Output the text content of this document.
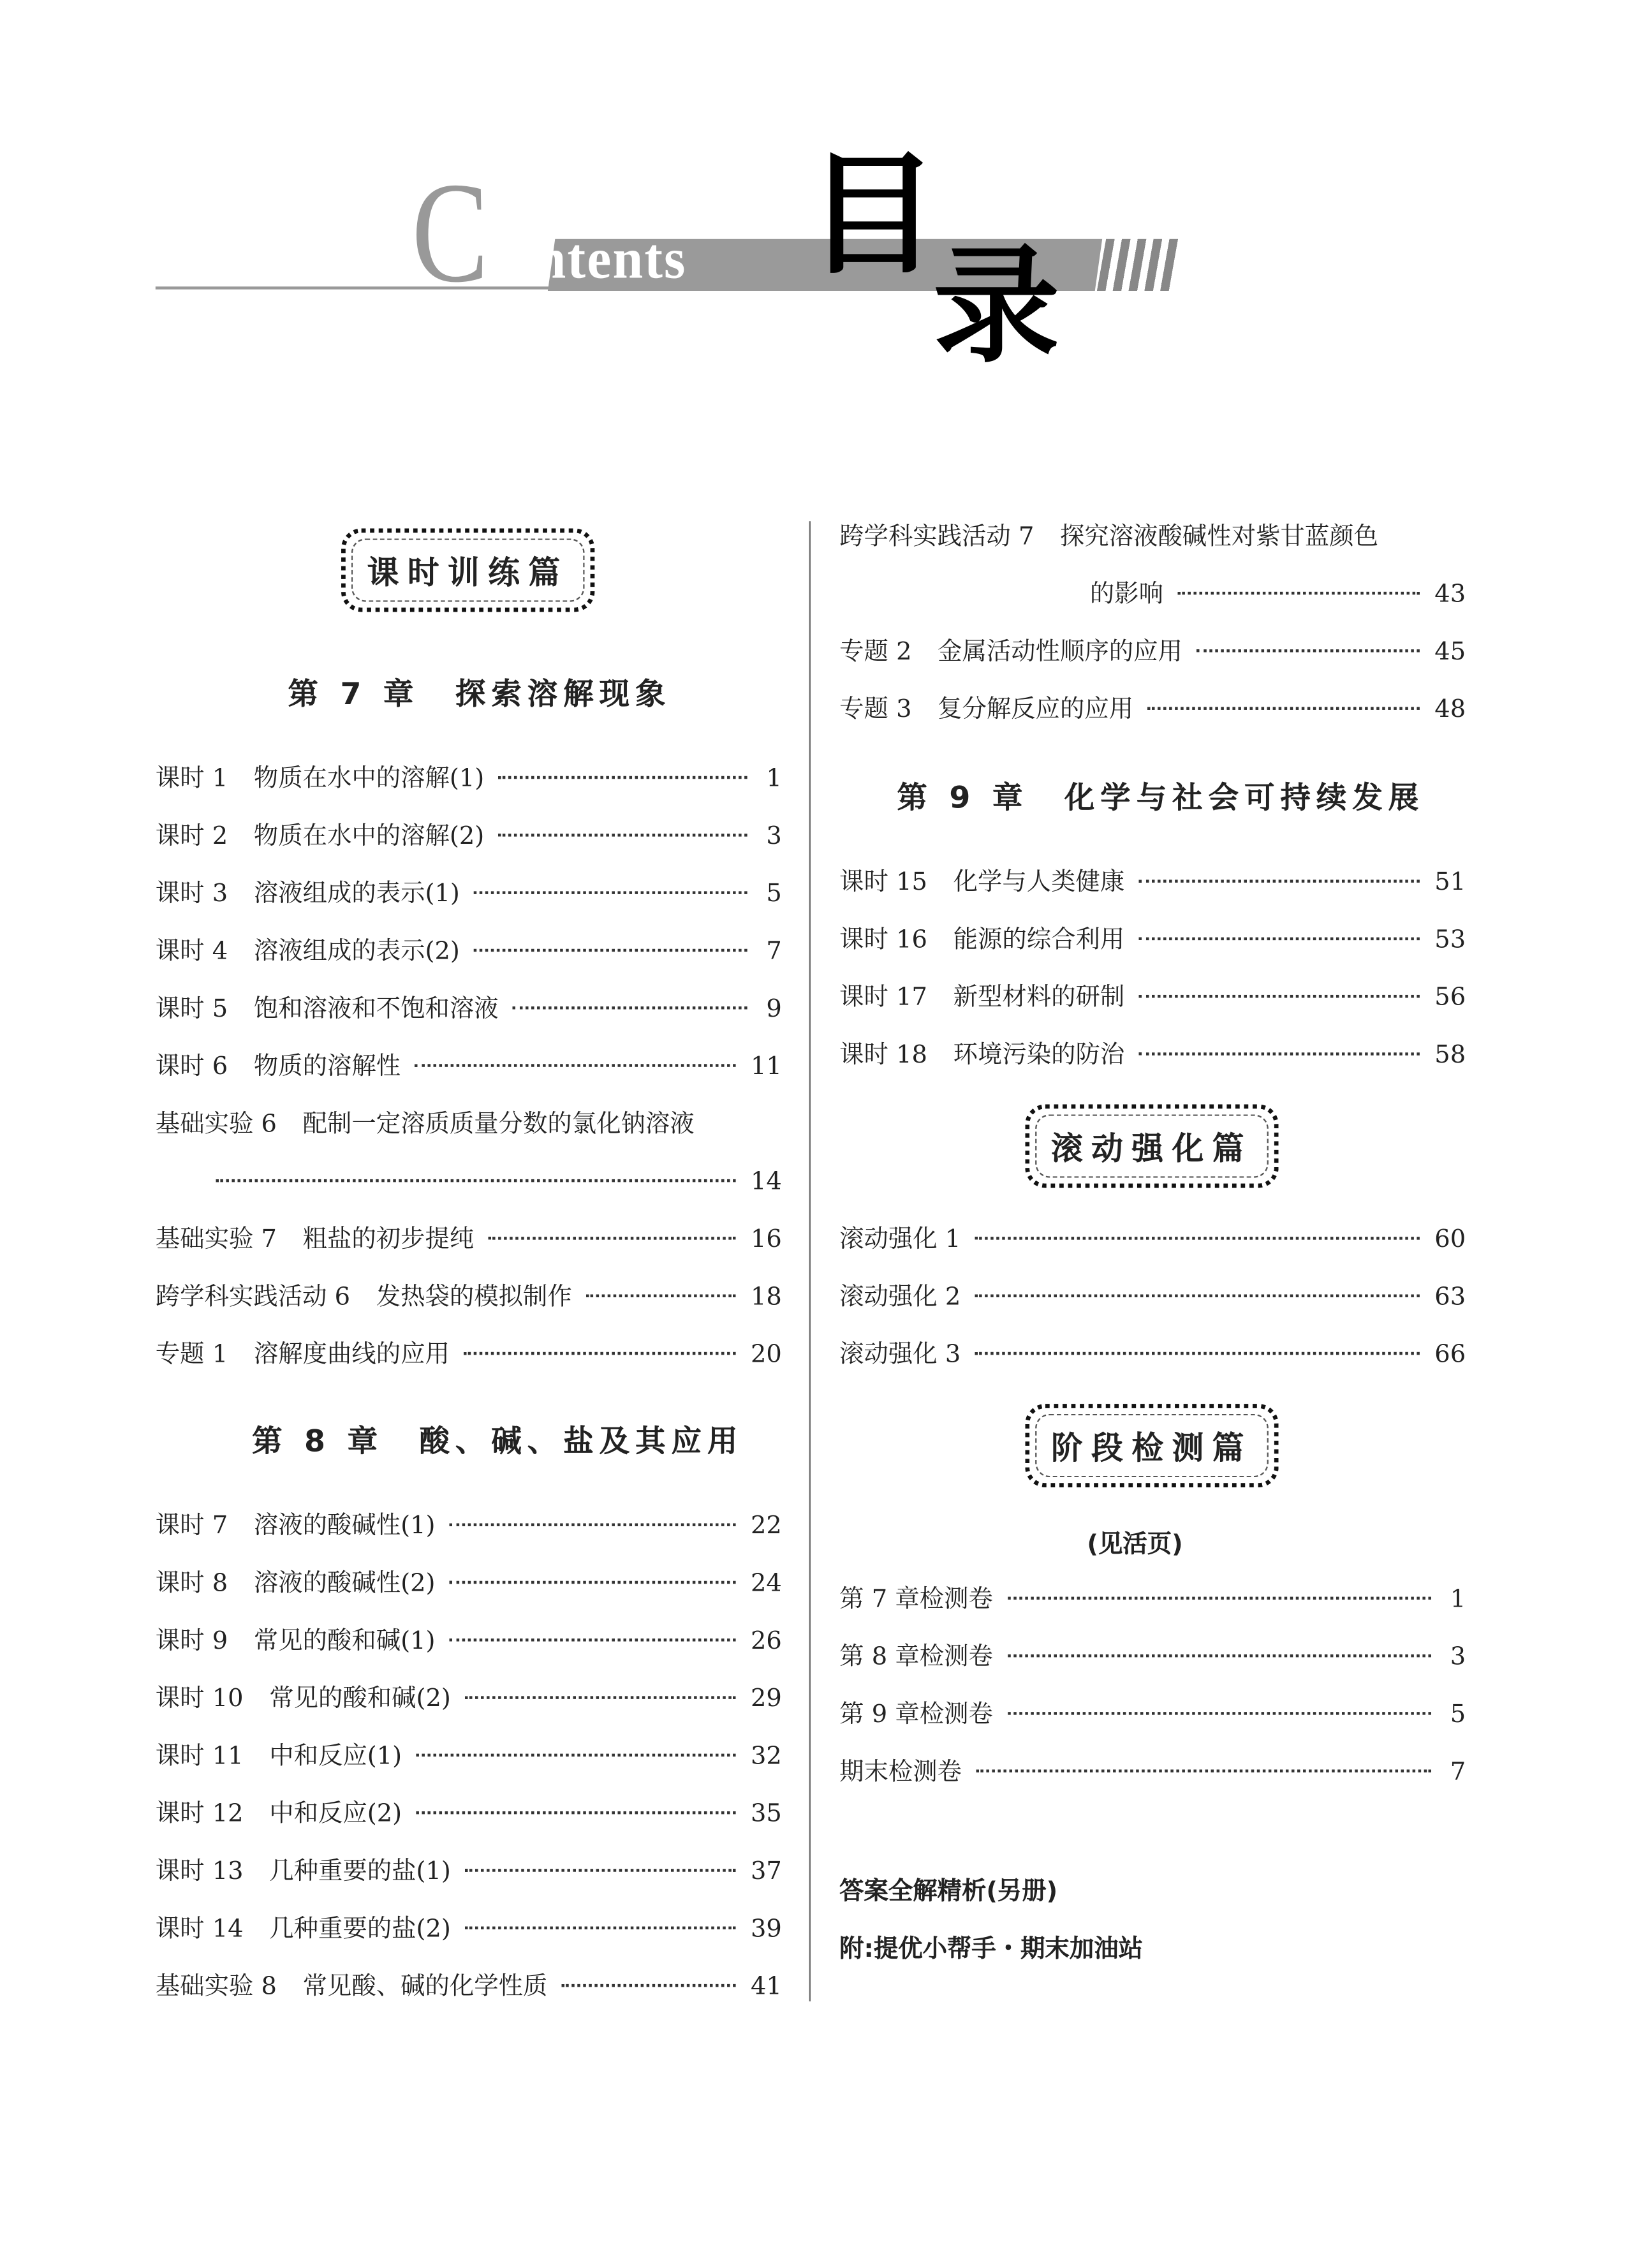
C ontents 目
录
课时训练篇
第 7 章　探索溶解现象
第 8 章　酸、碱、盐及其应用
第 9 章　化学与社会可持续发展
滚动强化篇
阶段检测篇
(见活页)
答案全解精析(另册)
附:提优小帮手・期末加油站
课时 1 物质在水中的溶解(1)	1
课时 2 物质在水中的溶解(2)	3
课时 3 溶液组成的表示(1)	5
课时 4 溶液组成的表示(2)	7
课时 5 饱和溶液和不饱和溶液	9
课时 6 物质的溶解性	11
基础实验 6 配制一定溶质质量分数的氯化钠溶液
14
基础实验 7 粗盐的初步提纯	16
跨学科实践活动 6 发热袋的模拟制作	18
专题 1 溶解度曲线的应用	20
课时 7 溶液的酸碱性(1)	22
课时 8 溶液的酸碱性(2)	24
课时 9 常见的酸和碱(1)	26
课时 10 常见的酸和碱(2)	29
课时 11 中和反应(1)	32
课时 12 中和反应(2)	35
课时 13 几种重要的盐(1)	37
课时 14 几种重要的盐(2)	39
基础实验 8 常见酸、碱的化学性质	41
跨学科实践活动 7 探究溶液酸碱性对紫甘蓝颜色
的影响	43
专题 2 金属活动性顺序的应用	45
专题 3 复分解反应的应用	48
课时 15 化学与人类健康	51
课时 16 能源的综合利用	53
课时 17 新型材料的研制	56
课时 18 环境污染的防治	58
滚动强化 1	60
滚动强化 2	63
滚动强化 3	66
第 7 章检测卷	1
第 8 章检测卷	3
第 9 章检测卷	5
期末检测卷	7
